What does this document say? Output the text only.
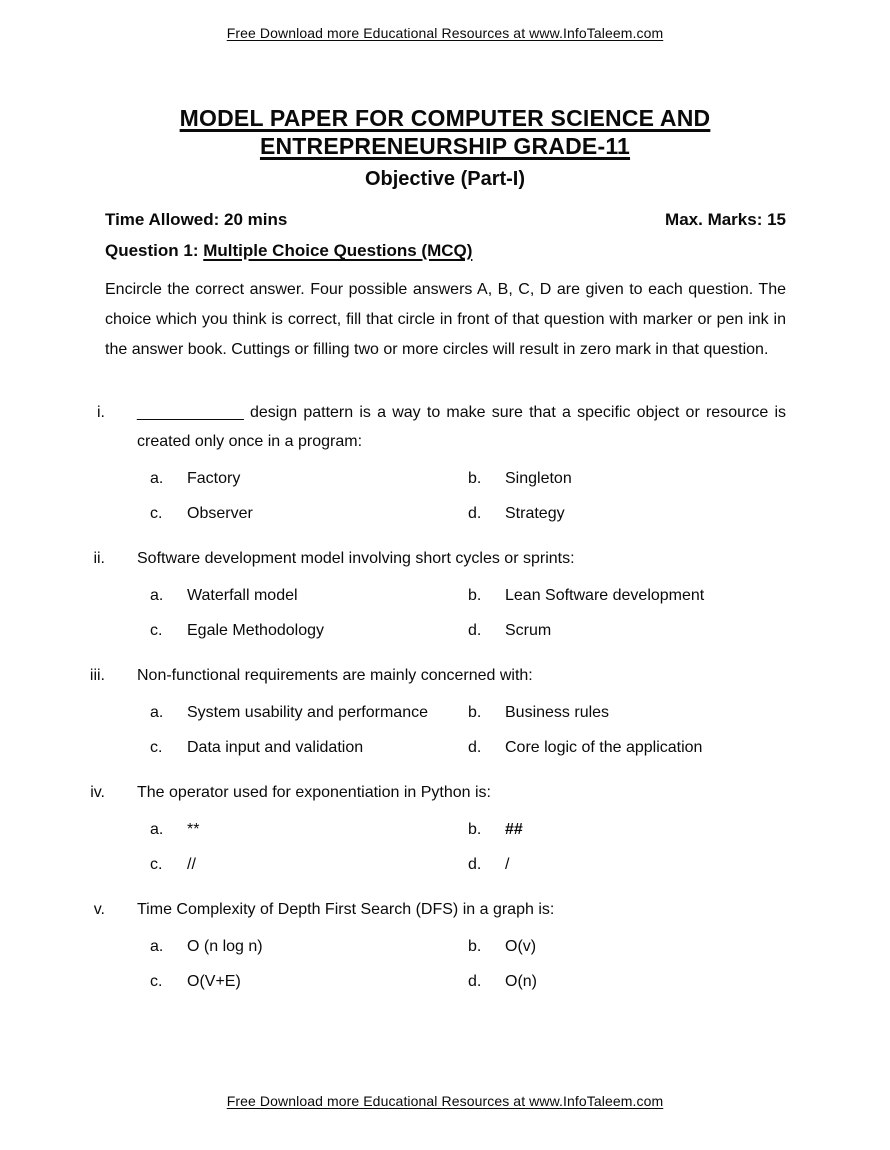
Free Download more Educational Resources at www.InfoTaleem.com
MODEL PAPER FOR COMPUTER SCIENCE AND
ENTREPRENEURSHIP GRADE-11
Objective (Part-I)
Time Allowed: 20 mins	Max. Marks: 15
Question 1: Multiple Choice Questions (MCQ)
Encircle the correct answer. Four possible answers A, B, C, D are given to each question. The choice which you think is correct, fill that circle in front of that question with marker or pen ink in the answer book. Cuttings or filling two or more circles will result in zero mark in that question.
i. ____________ design pattern is a way to make sure that a specific object or resource is created only once in a program:
a.	Factory	b.	Singleton
c.	Observer	d.	Strategy
ii. Software development model involving short cycles or sprints:
a.	Waterfall model	b.	Lean Software development
c.	Egale Methodology	d.	Scrum
iii. Non-functional requirements are mainly concerned with:
a.	System usability and performance	b.	Business rules
c.	Data input and validation	d.	Core logic of the application
iv. The operator used for exponentiation in Python is:
a.	**	b.	##
c.	//	d.	/
v. Time Complexity of Depth First Search (DFS) in a graph is:
a.	O (n log n)	b.	O(v)
c.	O(V+E)	d.	O(n)
Free Download more Educational Resources at www.InfoTaleem.com
